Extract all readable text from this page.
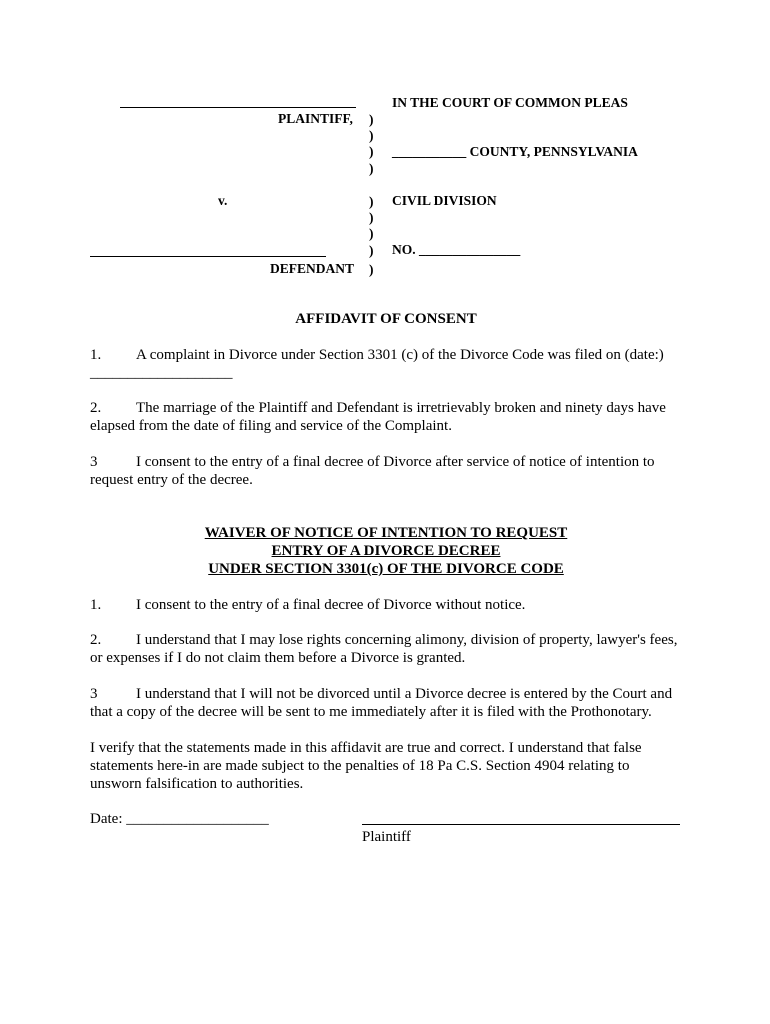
PLAINTIFF,
v.
DEFENDANT
)
)
)
)
)
)
)
)
)
IN THE COURT OF COMMON PLEAS
___________ COUNTY, PENNSYLVANIA
CIVIL DIVISION
NO. _______________
AFFIDAVIT OF CONSENT
1. A complaint in Divorce under Section 3301 (c) of the Divorce Code was filed on (date:) ___________________
2. The marriage of the Plaintiff and Defendant is irretrievably broken and ninety days have elapsed from the date of filing and service of the Complaint.
3	I consent to the entry of a final decree of Divorce after service of notice of intention to request entry of the decree.
WAIVER OF NOTICE OF INTENTION TO REQUEST
ENTRY OF A DIVORCE DECREE
UNDER SECTION 3301(c) OF THE DIVORCE CODE
1. I consent to the entry of a final decree of Divorce without notice.
2. I understand that I may lose rights concerning alimony, division of property, lawyer's fees, or expenses if I do not claim them before a Divorce is granted.
3	I understand that I will not be divorced until a Divorce decree is entered by the Court and that a copy of the decree will be sent to me immediately after it is filed with the Prothonotary.
I verify that the statements made in this affidavit are true and correct. I understand that false statements here-in are made subject to the penalties of 18 Pa C.S. Section 4904 relating to unsworn falsification to authorities.
Date: ___________________
Plaintiff
